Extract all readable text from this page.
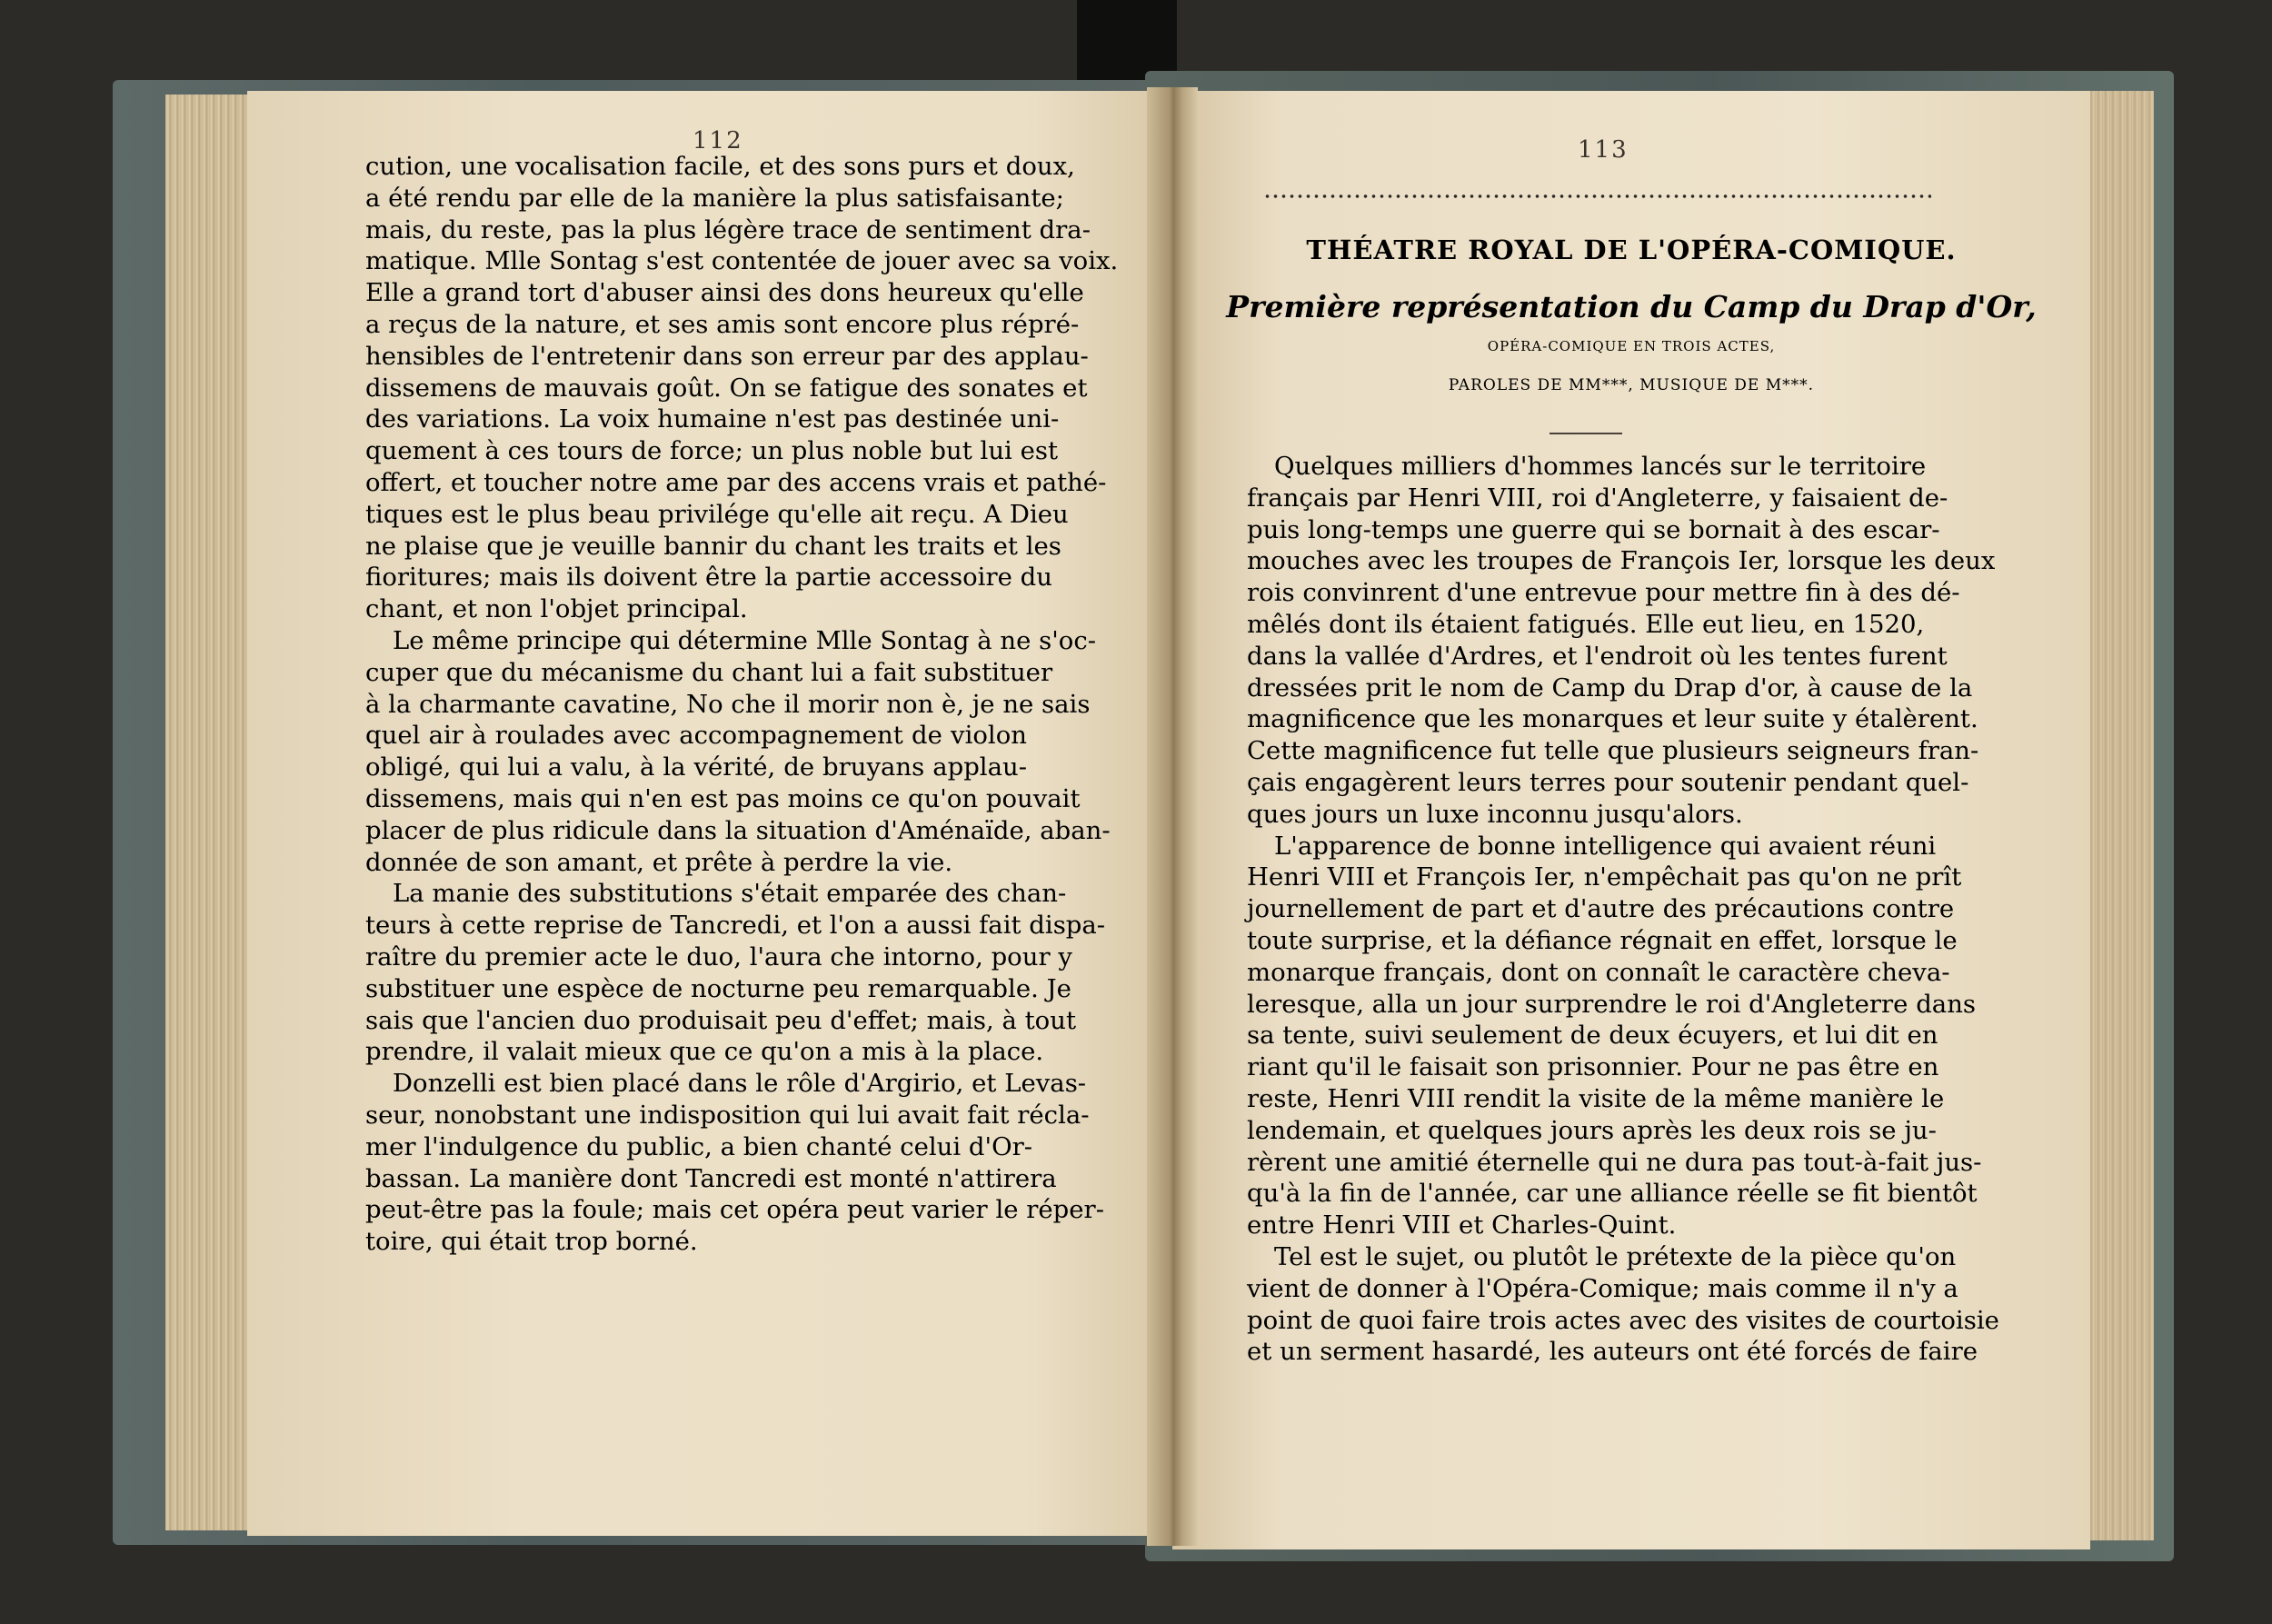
112
cution, une vocalisation facile, et des sons purs et doux,
a été rendu par elle de la manière la plus satisfaisante;
mais, du reste, pas la plus légère trace de sentiment dra-
matique. Mlle Sontag s'est contentée de jouer avec sa voix.
Elle a grand tort d'abuser ainsi des dons heureux qu'elle
a reçus de la nature, et ses amis sont encore plus répré-
hensibles de l'entretenir dans son erreur par des applau-
dissemens de mauvais goût. On se fatigue des sonates et
des variations. La voix humaine n'est pas destinée uni-
quement à ces tours de force; un plus noble but lui est
offert, et toucher notre ame par des accens vrais et pathé-
tiques est le plus beau privilége qu'elle ait reçu. A Dieu
ne plaise que je veuille bannir du chant les traits et les
fioritures; mais ils doivent être la partie accessoire du
chant, et non l'objet principal.
Le même principe qui détermine Mlle Sontag à ne s'oc-
cuper que du mécanisme du chant lui a fait substituer
à la charmante cavatine, No che il morir non è, je ne sais
quel air à roulades avec accompagnement de violon
obligé, qui lui a valu, à la vérité, de bruyans applau-
dissemens, mais qui n'en est pas moins ce qu'on pouvait
placer de plus ridicule dans la situation d'Aménaïde, aban-
donnée de son amant, et prête à perdre la vie.
La manie des substitutions s'était emparée des chan-
teurs à cette reprise de Tancredi, et l'on a aussi fait dispa-
raître du premier acte le duo, l'aura che intorno, pour y
substituer une espèce de nocturne peu remarquable. Je
sais que l'ancien duo produisait peu d'effet; mais, à tout
prendre, il valait mieux que ce qu'on a mis à la place.
Donzelli est bien placé dans le rôle d'Argirio, et Levas-
seur, nonobstant une indisposition qui lui avait fait récla-
mer l'indulgence du public, a bien chanté celui d'Or-
bassan. La manière dont Tancredi est monté n'attirera
peut-être pas la foule; mais cet opéra peut varier le réper-
toire, qui était trop borné.
113
THÉATRE ROYAL DE L'OPÉRA-COMIQUE.
Première représentation du Camp du Drap d'Or,
OPÉRA-COMIQUE EN TROIS ACTES,
PAROLES DE MM***, MUSIQUE DE M***.
Quelques milliers d'hommes lancés sur le territoire
français par Henri VIII, roi d'Angleterre, y faisaient de-
puis long-temps une guerre qui se bornait à des escar-
mouches avec les troupes de François Ier, lorsque les deux
rois convinrent d'une entrevue pour mettre fin à des dé-
mêlés dont ils étaient fatigués. Elle eut lieu, en 1520,
dans la vallée d'Ardres, et l'endroit où les tentes furent
dressées prit le nom de Camp du Drap d'or, à cause de la
magnificence que les monarques et leur suite y étalèrent.
Cette magnificence fut telle que plusieurs seigneurs fran-
çais engagèrent leurs terres pour soutenir pendant quel-
ques jours un luxe inconnu jusqu'alors.
L'apparence de bonne intelligence qui avaient réuni
Henri VIII et François Ier, n'empêchait pas qu'on ne prît
journellement de part et d'autre des précautions contre
toute surprise, et la défiance régnait en effet, lorsque le
monarque français, dont on connaît le caractère cheva-
leresque, alla un jour surprendre le roi d'Angleterre dans
sa tente, suivi seulement de deux écuyers, et lui dit en
riant qu'il le faisait son prisonnier. Pour ne pas être en
reste, Henri VIII rendit la visite de la même manière le
lendemain, et quelques jours après les deux rois se ju-
rèrent une amitié éternelle qui ne dura pas tout-à-fait jus-
qu'à la fin de l'année, car une alliance réelle se fit bientôt
entre Henri VIII et Charles-Quint.
Tel est le sujet, ou plutôt le prétexte de la pièce qu'on
vient de donner à l'Opéra-Comique; mais comme il n'y a
point de quoi faire trois actes avec des visites de courtoisie
et un serment hasardé, les auteurs ont été forcés de faire
